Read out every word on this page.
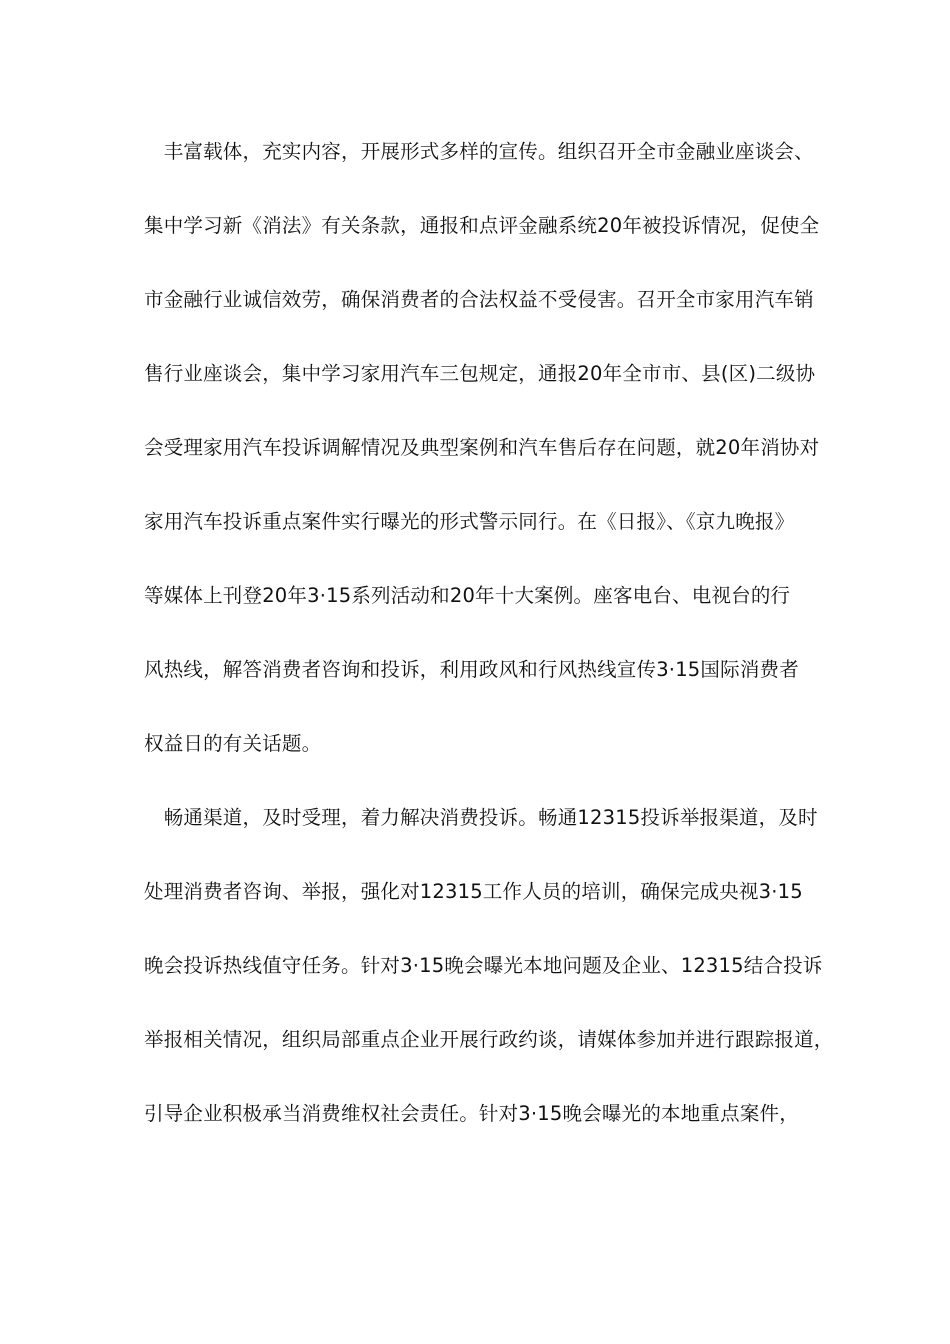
　丰富载体，充实内容，开展形式多样的宣传。组织召开全市金融业座谈会、
集中学习新《消法》有关条款，通报和点评金融系统20年被投诉情况，促使全
市金融行业诚信效劳，确保消费者的合法权益不受侵害。召开全市家用汽车销
售行业座谈会，集中学习家用汽车三包规定，通报20年全市市、县(区)二级协
会受理家用汽车投诉调解情况及典型案例和汽车售后存在问题，就20年消协对
家用汽车投诉重点案件实行曝光的形式警示同行。在《日报》、《京九晚报》
等媒体上刊登20年3·15系列活动和20年十大案例。座客电台、电视台的行
风热线，解答消费者咨询和投诉，利用政风和行风热线宣传3·15国际消费者
权益日的有关话题。
　畅通渠道，及时受理，着力解决消费投诉。畅通12315投诉举报渠道，及时
处理消费者咨询、举报，强化对12315工作人员的培训，确保完成央视3·15
晚会投诉热线值守任务。针对3·15晚会曝光本地问题及企业、12315结合投诉
举报相关情况，组织局部重点企业开展行政约谈，请媒体参加并进行跟踪报道，
引导企业积极承当消费维权社会责任。针对3·15晚会曝光的本地重点案件，
